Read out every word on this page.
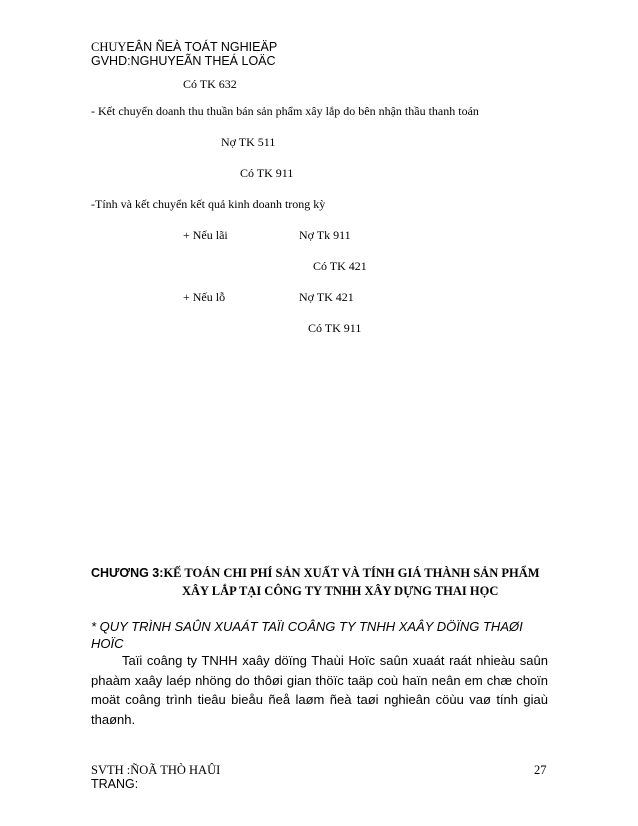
CHUYEÂN ÑEÀ TOÁT NGHIEÄP
GVHD:NGHUYEÃN THEÁ LOÄC
Có TK 632
- Kết chuyển doanh thu thuần bán sản phẩm xây lắp do bên nhận thầu thanh toán
Nợ TK 511
Có TK 911
-Tính và kết chuyển kết quả kinh doanh trong kỳ
+ Nếu lãi	Nợ Tk 911
Có TK 421
+ Nếu lỗ	Nợ TK 421
Có TK 911
CHƯƠNG 3:KẾ TOÁN CHI PHÍ SẢN XUẤT VÀ TÍNH GIÁ THÀNH SẢN PHẨM
XÂY LẮP TẠI CÔNG TY TNHH XÂY DỰNG THAI HỌC
* QUY TRÌNH SAÛN XUAÁT TAÏI COÂNG TY TNHH XAÂY DÖÏNG THAØI
HOÏC
Taïi coâng ty TNHH xaây döïng Thaùi Hoïc saûn xuaát raát nhieàu saûn
phaàm xaây laép nhöng do thôøi gian thöïc taäp coù haïn neân em chæ choïn
moät coâng trình tieâu bieåu ñeå laøm ñeà taøi nghieân cöùu vaø tính giaù
thaønh.
SVTH :ÑOÃ THÒ HAÛI
TRANG:
27
